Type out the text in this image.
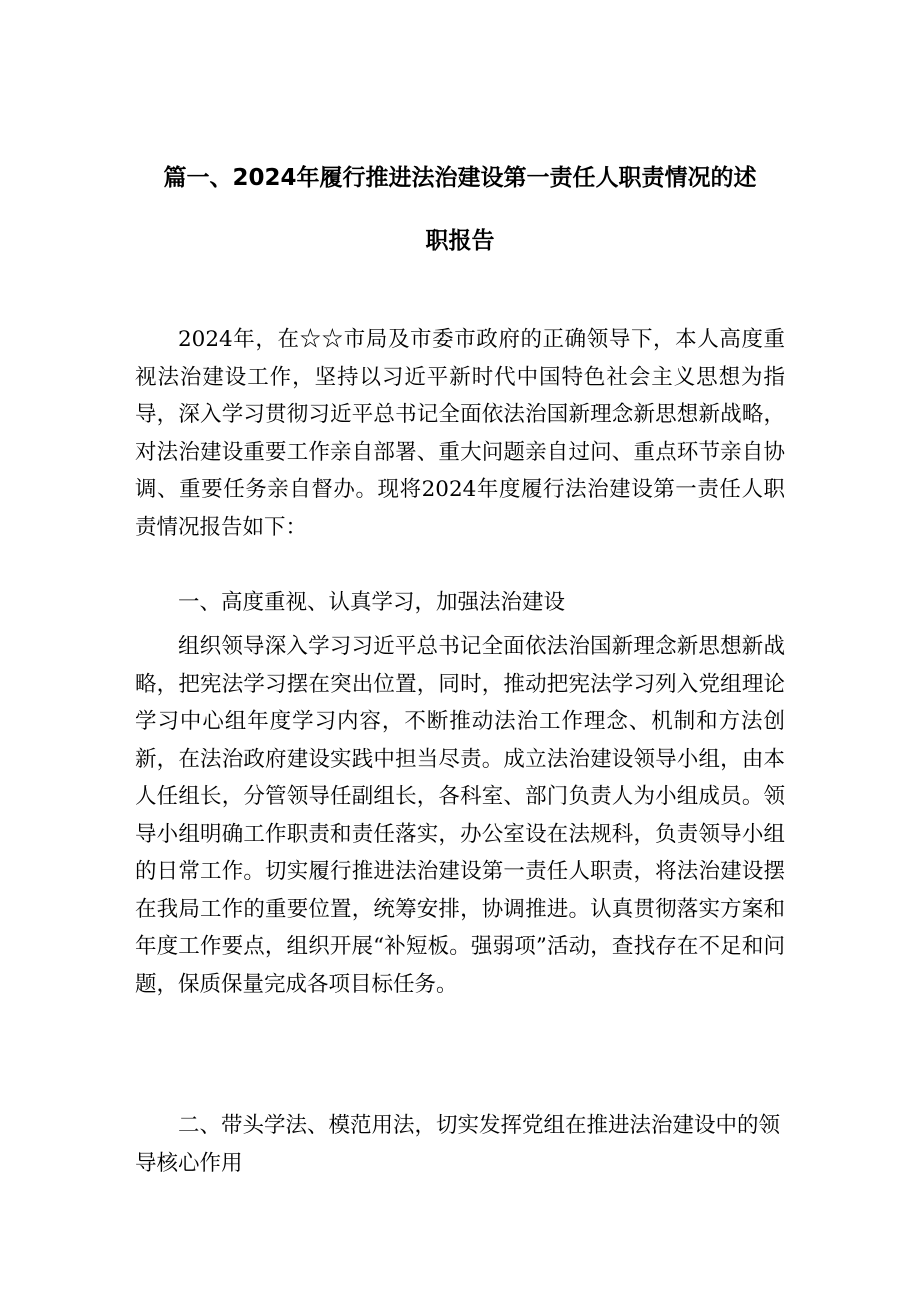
篇一、2024年履行推进法治建设第一责任人职责情况的述
职报告

2024年，在☆☆市局及市委市政府的正确领导下，本人高度重视法治建设工作，坚持以习近平新时代中国特色社会主义思想为指导，深入学习贯彻习近平总书记全面依法治国新理念新思想新战略，对法治建设重要工作亲自部署、重大问题亲自过问、重点环节亲自协调、重要任务亲自督办。现将2024年度履行法治建设第一责任人职责情况报告如下：

一、高度重视、认真学习，加强法治建设

组织领导深入学习习近平总书记全面依法治国新理念新思想新战略，把宪法学习摆在突出位置，同时，推动把宪法学习列入党组理论学习中心组年度学习内容，不断推动法治工作理念、机制和方法创新，在法治政府建设实践中担当尽责。成立法治建设领导小组，由本人任组长，分管领导任副组长，各科室、部门负责人为小组成员。领导小组明确工作职责和责任落实，办公室设在法规科，负责领导小组的日常工作。切实履行推进法治建设第一责任人职责，将法治建设摆在我局工作的重要位置，统筹安排，协调推进。认真贯彻落实方案和年度工作要点，组织开展“补短板。强弱项”活动，查找存在不足和问题，保质保量完成各项目标任务。

二、带头学法、模范用法，切实发挥党组在推进法治建设中的领导核心作用
